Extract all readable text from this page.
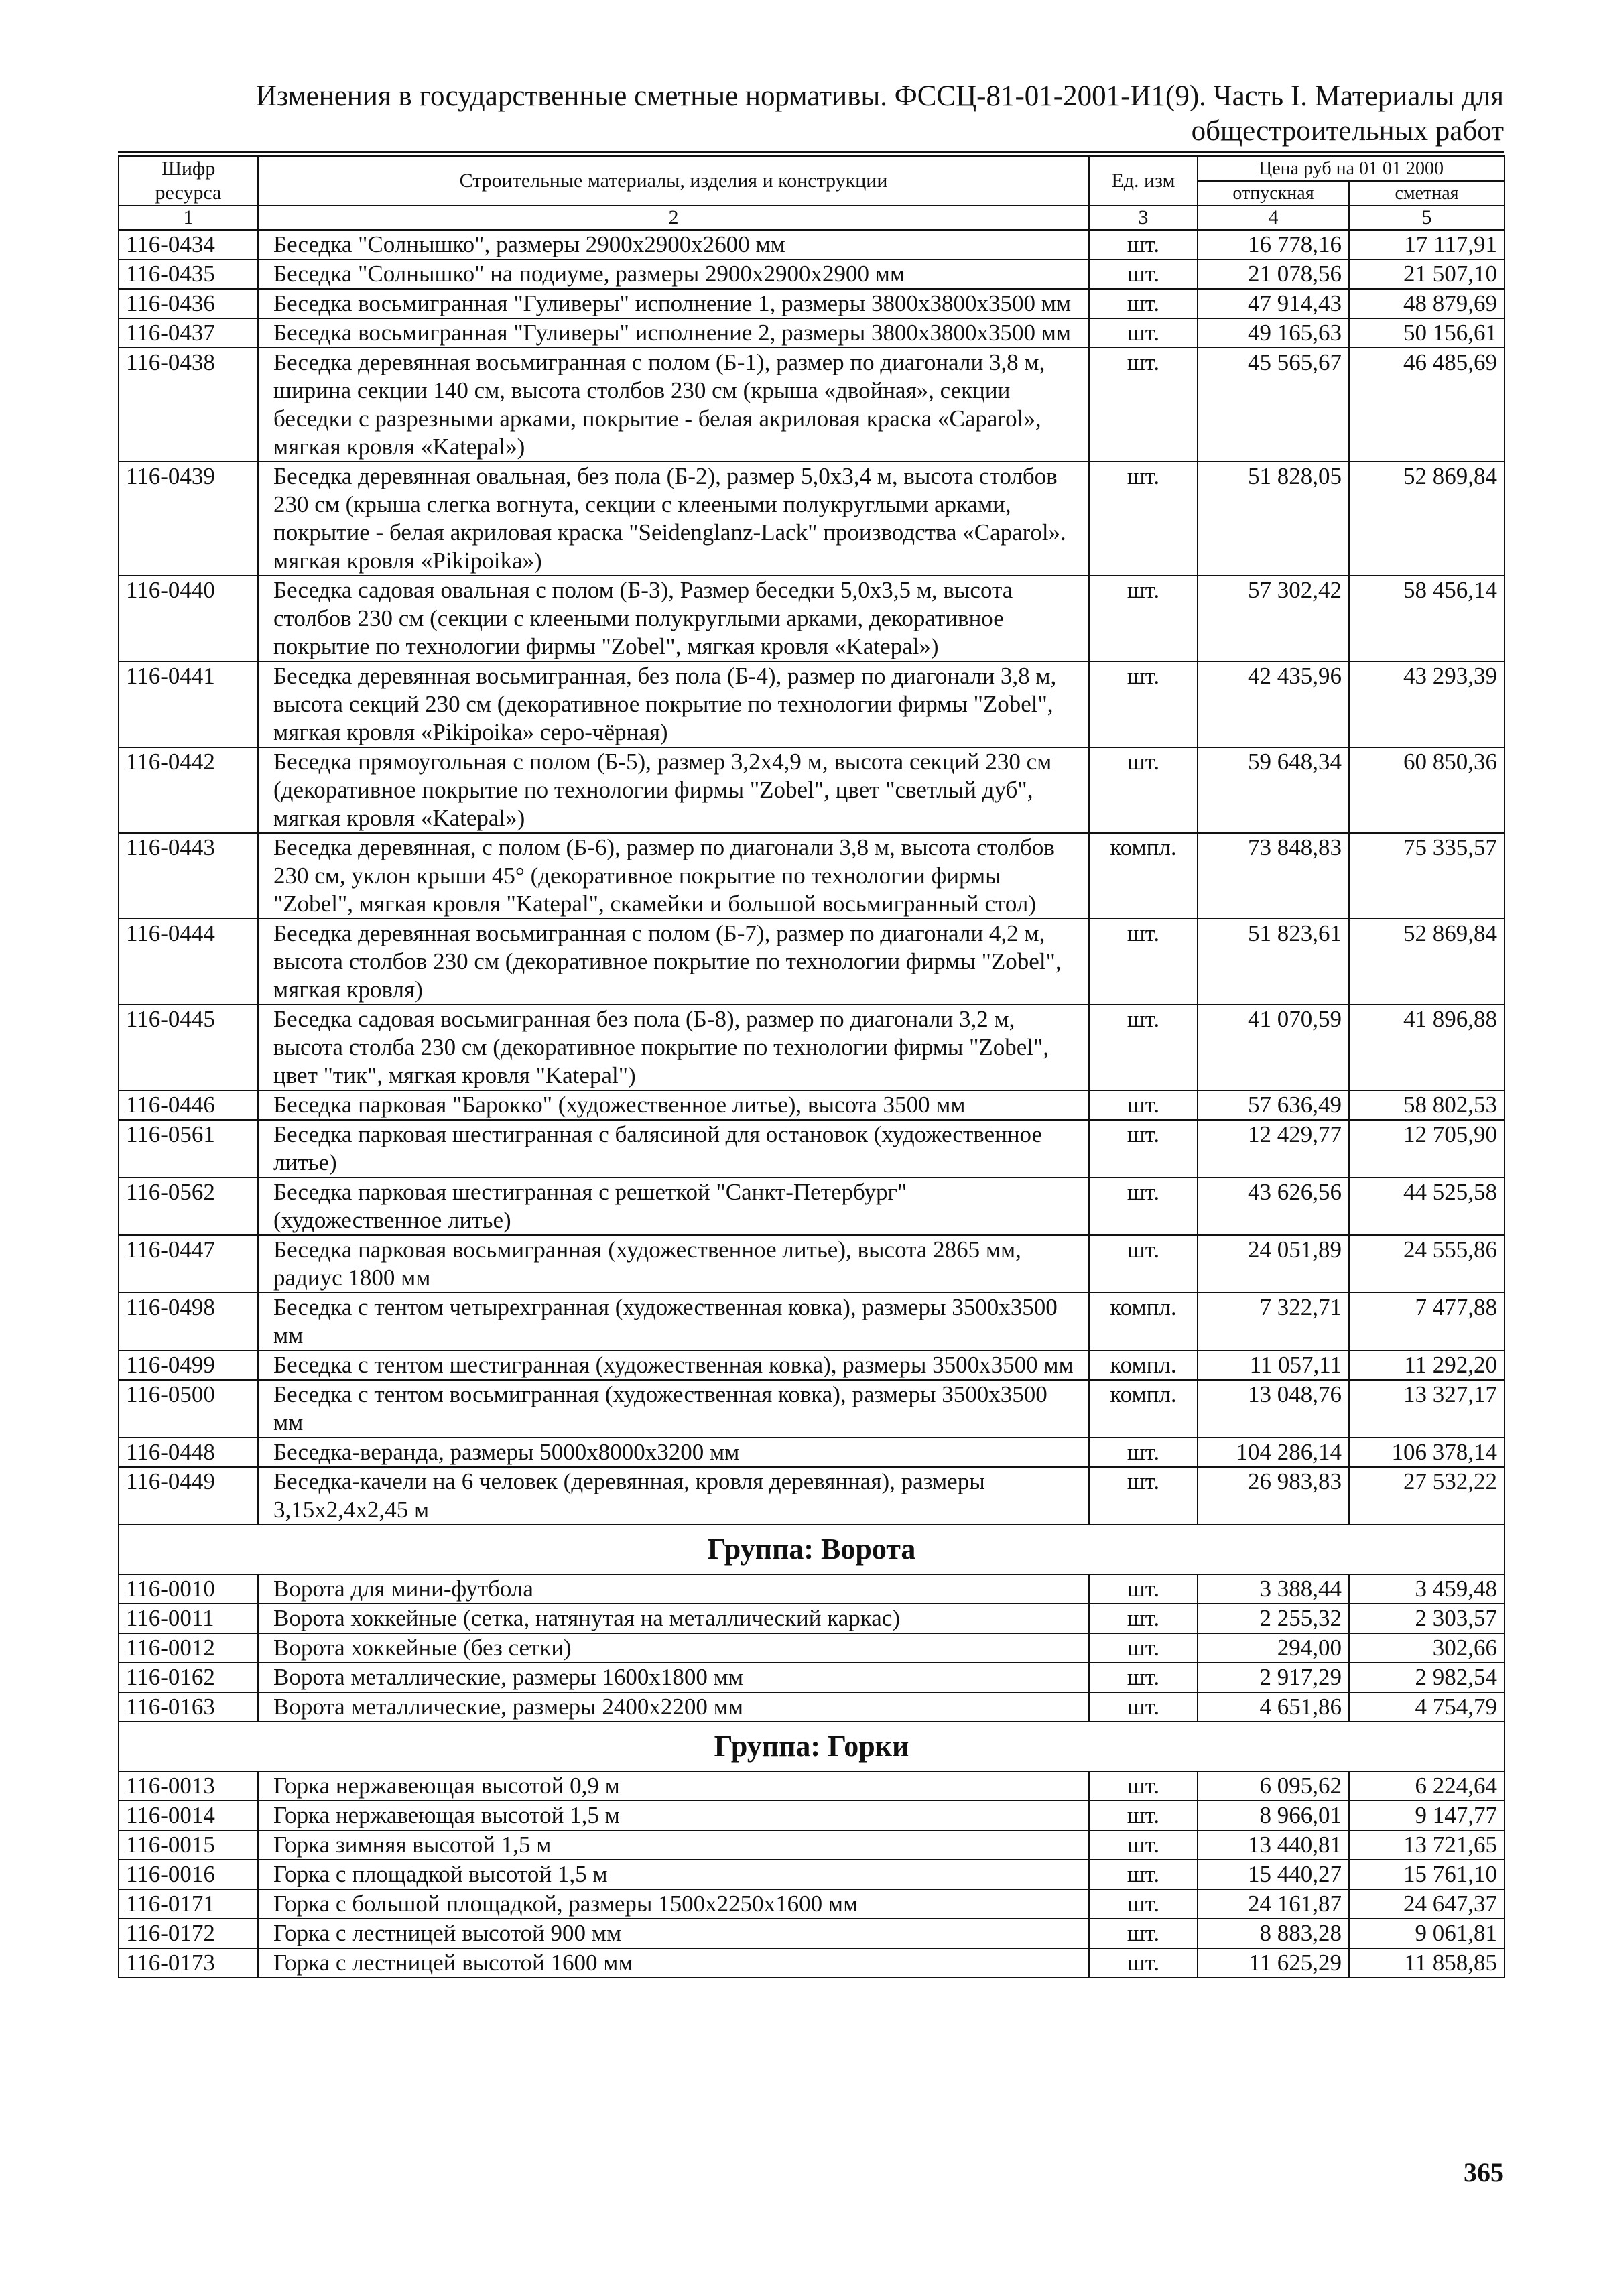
Изменения в государственные сметные нормативы. ФССЦ-81-01-2001-И1(9). Часть I. Материалы для
общестроительных работ
Шифр ресурса	Строительные материалы, изделия и конструкции	Ед. изм	Цена руб на 01 01 2000	
			отпускная	сметная
1	2	3	4	5
116-0434	Беседка "Солнышко", размеры 2900x2900x2600 мм	шт.	16 778,16	17 117,91
116-0435	Беседка "Солнышко" на подиуме, размеры 2900x2900x2900 мм	шт.	21 078,56	21 507,10
116-0436	Беседка восьмигранная "Гуливеры" исполнение 1, размеры 3800x3800x3500 мм	шт.	47 914,43	48 879,69
116-0437	Беседка восьмигранная "Гуливеры" исполнение 2, размеры 3800x3800x3500 мм	шт.	49 165,63	50 156,61
116-0438	Беседка деревянная восьмигранная с полом (Б-1), размер по диагонали 3,8 м, ширина секции 140 см, высота столбов 230 см (крыша «двойная», секции беседки с разрезными арками, покрытие - белая акриловая краска «Caparol», мягкая кровля «Katepal»)	шт.	45 565,67	46 485,69
116-0439	Беседка деревянная овальная, без пола (Б-2), размер 5,0x3,4 м, высота столбов 230 см (крыша слегка вогнута, секции с клееными полукруглыми арками, покрытие - белая акриловая краска "Seidenglanz-Lack" производства «Caparol». мягкая кровля «Pikipoika»)	шт.	51 828,05	52 869,84
116-0440	Беседка садовая овальная с полом (Б-3), Размер беседки 5,0x3,5 м, высота столбов 230 см (секции с клееными полукруглыми арками, декоративное покрытие по технологии фирмы "Zobel", мягкая кровля «Katepal»)	шт.	57 302,42	58 456,14
116-0441	Беседка деревянная восьмигранная, без пола (Б-4), размер по диагонали 3,8 м, высота секций 230 см (декоративное покрытие по технологии фирмы "Zobel", мягкая кровля «Pikipoika» серо-чёрная)	шт.	42 435,96	43 293,39
116-0442	Беседка прямоугольная с полом (Б-5), размер 3,2x4,9 м, высота секций 230 см (декоративное покрытие по технологии фирмы "Zobel", цвет "светлый дуб", мягкая кровля «Katepal»)	шт.	59 648,34	60 850,36
116-0443	Беседка деревянная, с полом (Б-6), размер по диагонали 3,8 м, высота столбов 230 см, уклон крыши 45° (декоративное покрытие по технологии фирмы "Zobel", мягкая кровля "Katepal", скамейки и большой восьмигранный стол)	компл.	73 848,83	75 335,57
116-0444	Беседка деревянная восьмигранная с полом (Б-7), размер по диагонали 4,2 м, высота столбов 230 см (декоративное покрытие по технологии фирмы "Zobel", мягкая кровля)	шт.	51 823,61	52 869,84
116-0445	Беседка садовая восьмигранная без пола (Б-8), размер по диагонали 3,2 м, высота столба 230 см (декоративное покрытие по технологии фирмы "Zobel", цвет "тик", мягкая кровля "Katepal")	шт.	41 070,59	41 896,88
116-0446	Беседка парковая "Барокко" (художественное литье), высота 3500 мм	шт.	57 636,49	58 802,53
116-0561	Беседка парковая шестигранная с балясиной для остановок (художественное литье)	шт.	12 429,77	12 705,90
116-0562	Беседка парковая шестигранная с решеткой "Санкт-Петербург" (художественное литье)	шт.	43 626,56	44 525,58
116-0447	Беседка парковая восьмигранная (художественное литье), высота 2865 мм, радиус 1800 мм	шт.	24 051,89	24 555,86
116-0498	Беседка с тентом четырехгранная (художественная ковка), размеры 3500x3500 мм	компл.	7 322,71	7 477,88
116-0499	Беседка с тентом шестигранная (художественная ковка), размеры 3500x3500 мм	компл.	11 057,11	11 292,20
116-0500	Беседка с тентом восьмигранная (художественная ковка), размеры 3500x3500 мм	компл.	13 048,76	13 327,17
116-0448	Беседка-веранда, размеры 5000x8000x3200 мм	шт.	104 286,14	106 378,14
116-0449	Беседка-качели на 6 человек (деревянная, кровля деревянная), размеры 3,15x2,4x2,45 м	шт.	26 983,83	27 532,22
Группа: Ворота				
116-0010	Ворота для мини-футбола	шт.	3 388,44	3 459,48
116-0011	Ворота хоккейные (сетка, натянутая на металлический каркас)	шт.	2 255,32	2 303,57
116-0012	Ворота хоккейные (без сетки)	шт.	294,00	302,66
116-0162	Ворота металлические, размеры 1600x1800 мм	шт.	2 917,29	2 982,54
116-0163	Ворота металлические, размеры 2400x2200 мм	шт.	4 651,86	4 754,79
Группа: Горки				
116-0013	Горка нержавеющая высотой 0,9 м	шт.	6 095,62	6 224,64
116-0014	Горка нержавеющая высотой 1,5 м	шт.	8 966,01	9 147,77
116-0015	Горка зимняя высотой 1,5 м	шт.	13 440,81	13 721,65
116-0016	Горка с площадкой высотой 1,5 м	шт.	15 440,27	15 761,10
116-0171	Горка с большой площадкой, размеры 1500x2250x1600 мм	шт.	24 161,87	24 647,37
116-0172	Горка с лестницей высотой 900 мм	шт.	8 883,28	9 061,81
116-0173	Горка с лестницей высотой 1600 мм	шт.	11 625,29	11 858,85
365
